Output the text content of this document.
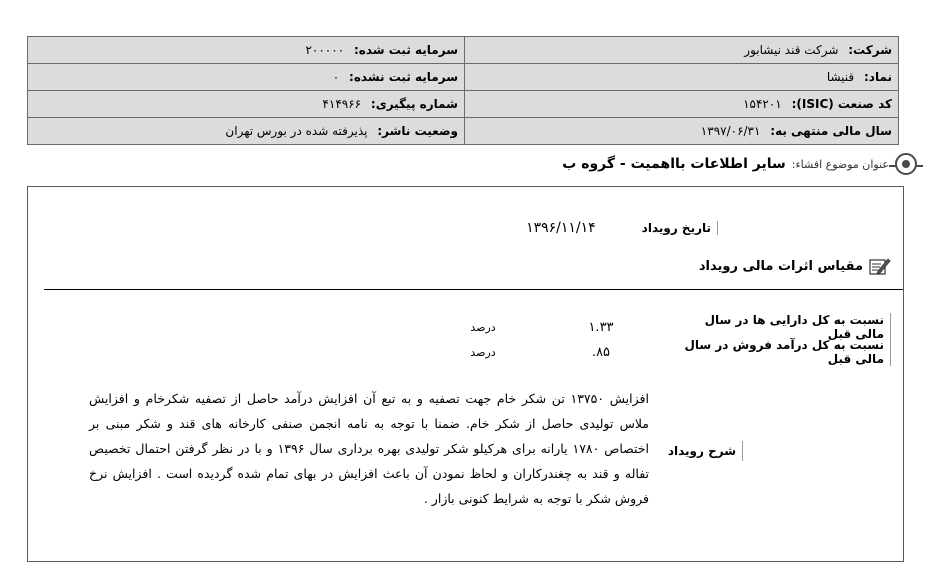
شرکت: شرکت قند نیشابور	سرمایه ثبت شده: ۲۰۰۰۰۰
نماد: قنیشا	سرمایه ثبت نشده: ۰
کد صنعت (ISIC): ۱۵۴۲۰۱	شماره پیگیری: ۴۱۴۹۶۶
سال مالی منتهی به: ۱۳۹۷/۰۶/۳۱	وضعیت ناشر: پذیرفته شده در بورس تهران
عنوان موضوع افشاء:
سایر اطلاعات بااهمیت - گروه ب
تاریخ رویداد
۱۳۹۶/۱۱/۱۴
مقیاس اثرات مالی رویداد
نسبت به کل دارایی ها در سال مالی قبل
۱.۳۳
درصد
نسبت به کل درآمد فروش در سال مالی قبل
۸۵.
درصد
شرح رویداد
افزایش ۱۳۷۵۰ تن شکر خام جهت تصفیه و به تبع آن افزایش درآمد حاصل از تصفیه شکرخام و افزایش ملاس تولیدی حاصل از شکر خام. ضمنا با توجه به نامه انجمن صنفی کارخانه های قند و شکر مبنی بر اختصاص ۱۷۸۰ یارانه برای هرکیلو شکر تولیدی بهره برداری سال ۱۳۹۶ و با در نظر گرفتن احتمال تخصیص تفاله و قند به چغندرکاران و لحاظ نمودن آن باعث افزایش در بهای تمام شده گردیده است . افزایش نرخ فروش شکر با توجه به شرایط کنونی بازار .
